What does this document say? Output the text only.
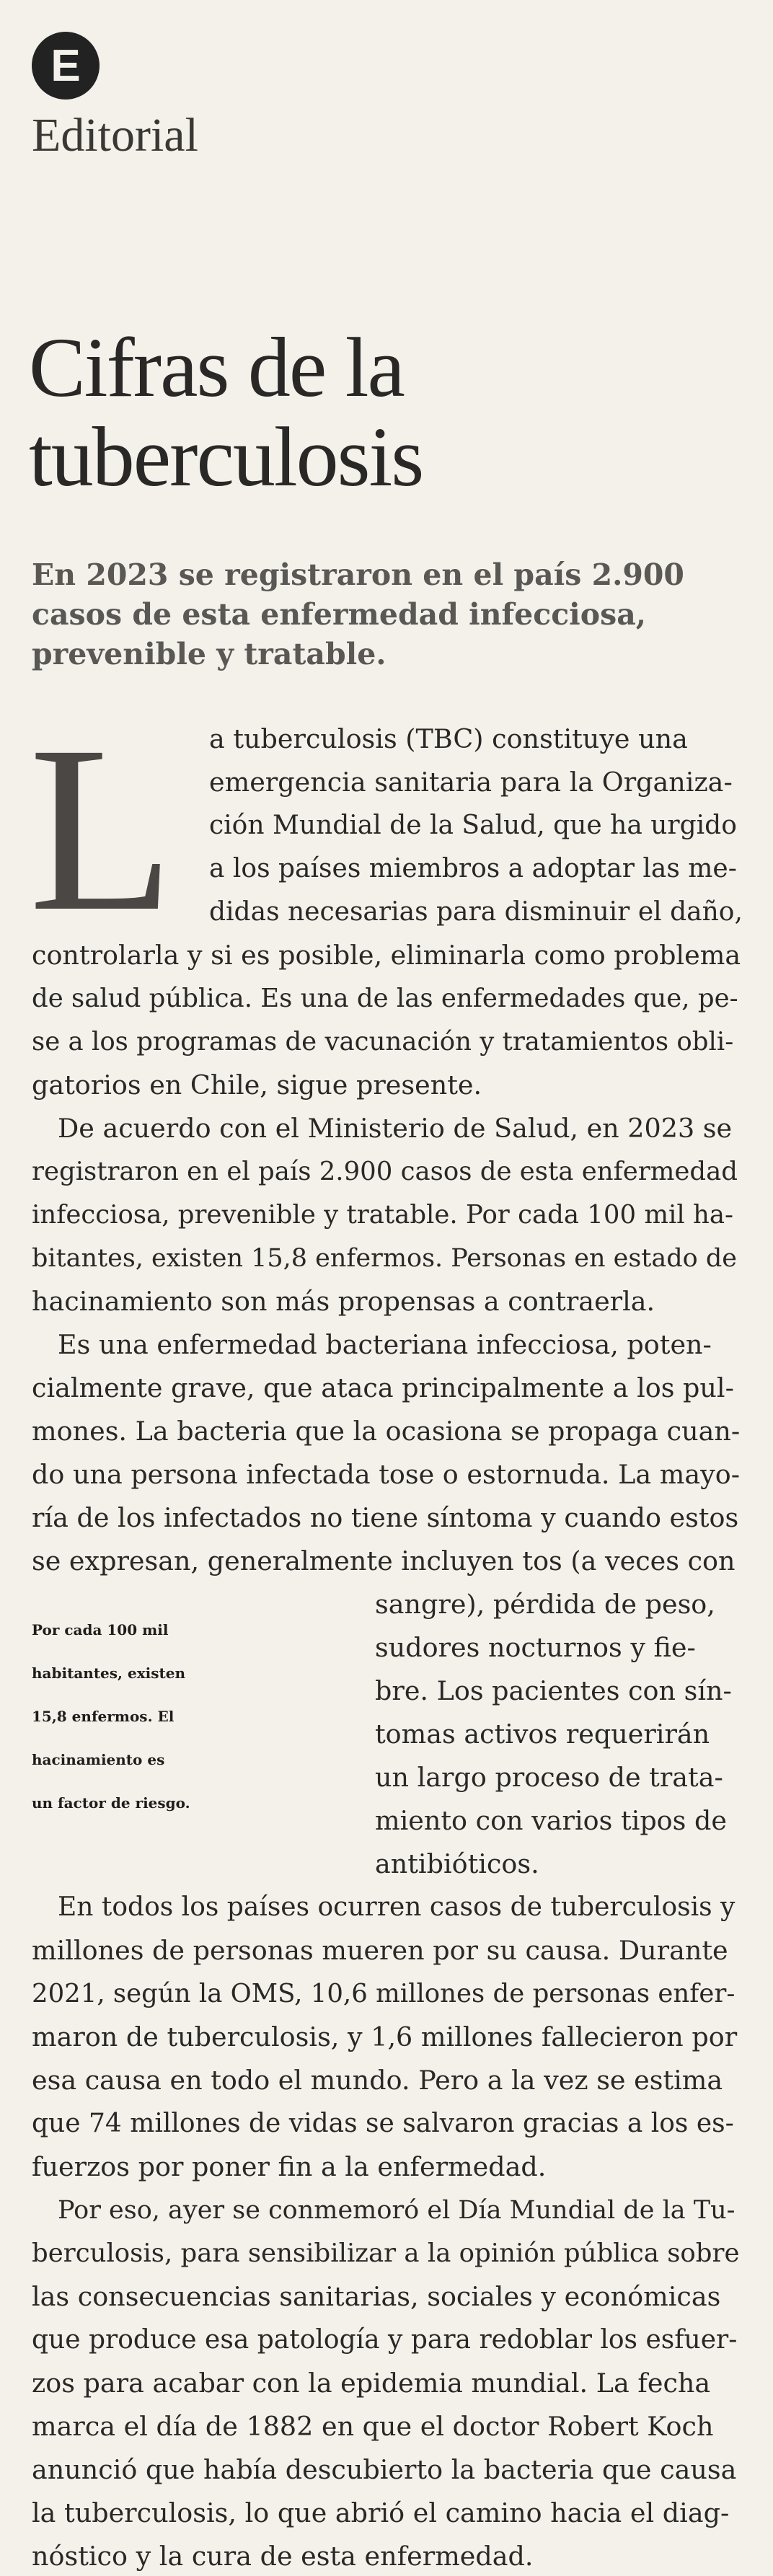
E
Editorial
Cifras de la
tuberculosis

En 2023 se registraron en el país 2.900 casos de esta enfermedad infecciosa, prevenible y tratable.

L a tuberculosis (TBC) constituye una
emergencia sanitaria para la Organiza-
ción Mundial de la Salud, que ha urgido
a los países miembros a adoptar las me-
didas necesarias para disminuir el daño,
controlarla y si es posible, eliminarla como problema
de salud pública. Es una de las enfermedades que, pe-
se a los programas de vacunación y tratamientos obli-
gatorios en Chile, sigue presente.
De acuerdo con el Ministerio de Salud, en 2023 se
registraron en el país 2.900 casos de esta enfermedad
infecciosa, prevenible y tratable. Por cada 100 mil ha-
bitantes, existen 15,8 enfermos. Personas en estado de
hacinamiento son más propensas a contraerla.
Es una enfermedad bacteriana infecciosa, poten-
cialmente grave, que ataca principalmente a los pul-
mones. La bacteria que la ocasiona se propaga cuan-
do una persona infectada tose o estornuda. La mayo-
ría de los infectados no tiene síntoma y cuando estos
se expresan, generalmente incluyen tos (a veces con
sangre), pérdida de peso,
sudores nocturnos y fie-
bre. Los pacientes con sín-
tomas activos requerirán
un largo proceso de trata-
miento con varios tipos de
antibióticos.
Por cada 100 mil
habitantes, existen
15,8 enfermos. El
hacinamiento es
un factor de riesgo.
En todos los países ocurren casos de tuberculosis y
millones de personas mueren por su causa. Durante
2021, según la OMS, 10,6 millones de personas enfer-
maron de tuberculosis, y 1,6 millones fallecieron por
esa causa en todo el mundo. Pero a la vez se estima
que 74 millones de vidas se salvaron gracias a los es-
fuerzos por poner fin a la enfermedad.
Por eso, ayer se conmemoró el Día Mundial de la Tu-
berculosis, para sensibilizar a la opinión pública sobre
las consecuencias sanitarias, sociales y económicas
que produce esa patología y para redoblar los esfuer-
zos para acabar con la epidemia mundial. La fecha
marca el día de 1882 en que el doctor Robert Koch
anunció que había descubierto la bacteria que causa
la tuberculosis, lo que abrió el camino hacia el diag-
nóstico y la cura de esta enfermedad.
